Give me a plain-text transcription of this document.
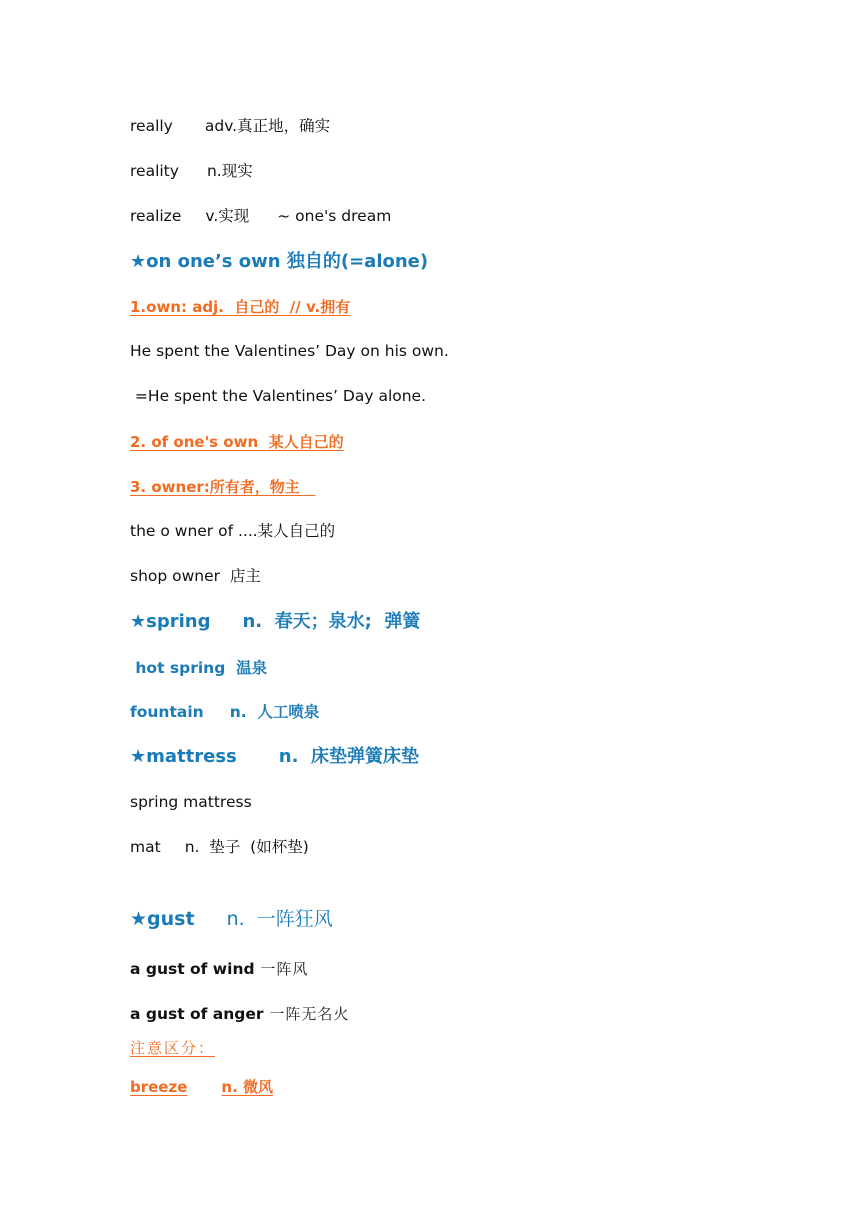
really adv.真正地，确实
reality n.现实
realize v.实现 ~ one's dream
★on one’s own 独自的(=alone)
1.own: adj.  自己的  // v.拥有
He spent the Valentines’ Day on his own.
=He spent the Valentines’ Day alone.
2. of one's own  某人自己的
3. owner:所有者，物主
the o wner of ....某人自己的
shop owner  店主
★spring n.  春天；泉水;  弹簧
hot spring  温泉
fountain n.  人工喷泉
★mattress n.  床垫弹簧床垫
spring mattress
mat n.  垫子  (如杯垫)
★gust n.  一阵狂风
a gust of wind 一阵风
a gust of anger 一阵无名火
注意区分：
breeze n. 微风
